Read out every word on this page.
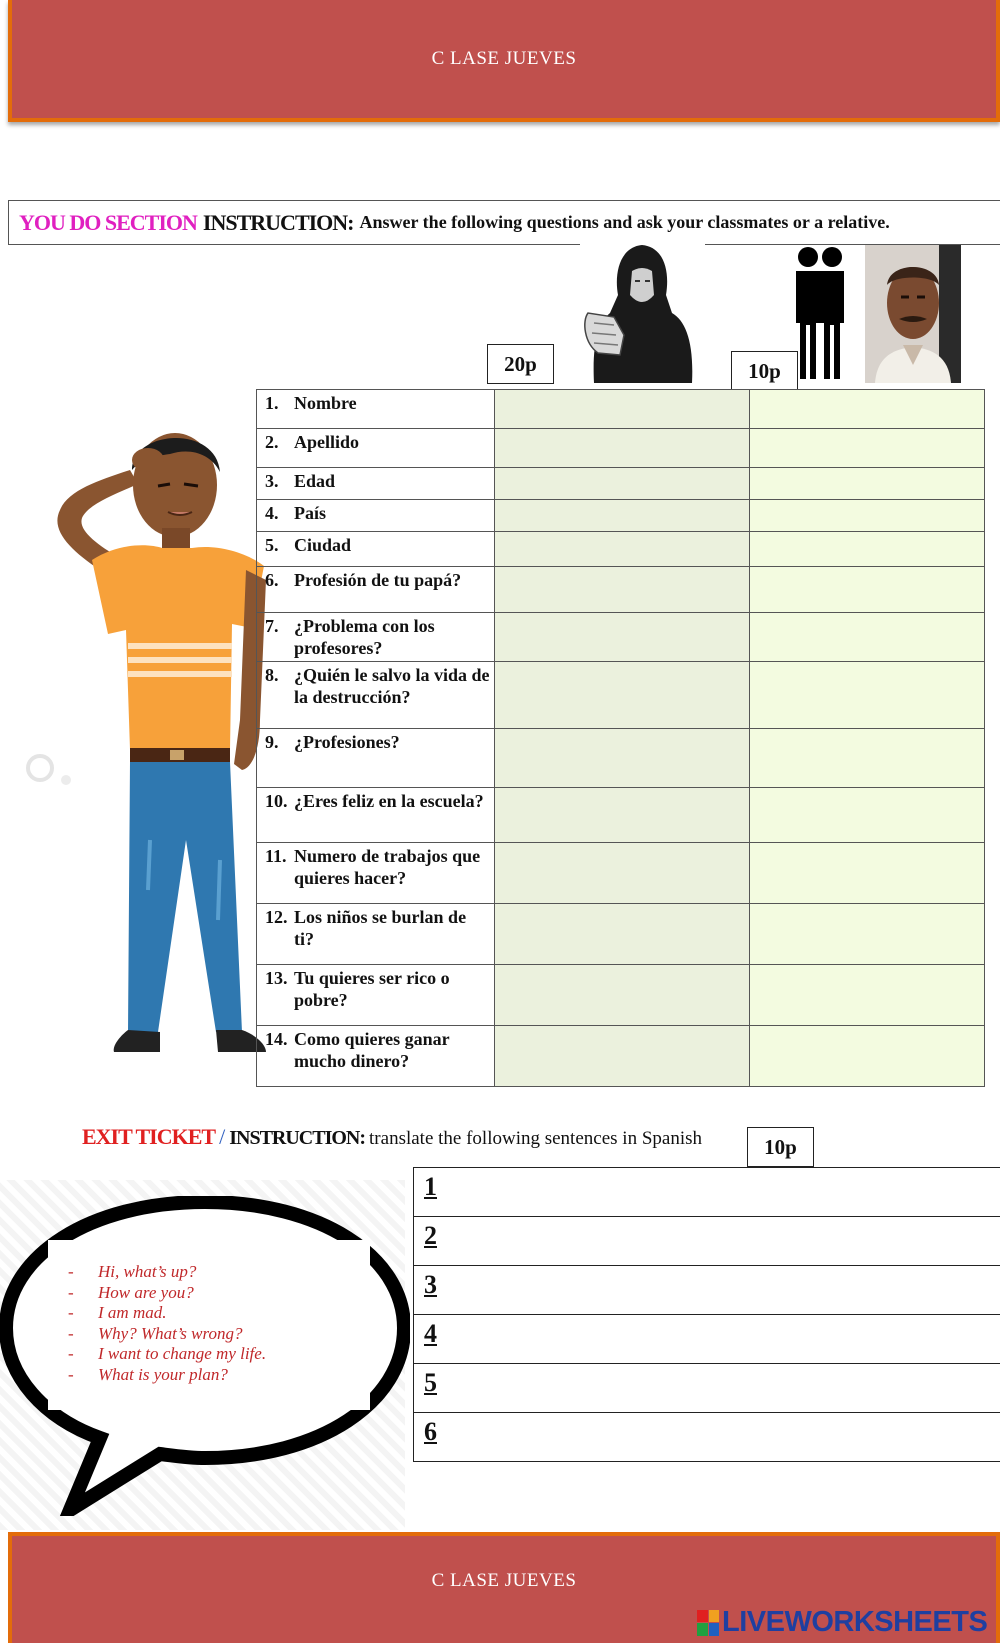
C LASE JUEVES
YOU DO SECTION INSTRUCTION: Answer the following questions and ask your classmates or a relative.
20p	10p
1. Nombre		

2. Apellido		

3. Edad		

4. País		

5. Ciudad		

6. Profesión de tu papá?		

7. ¿Problema con los profesores?		

8. ¿Quién le salvo la vida de la destrucción?		

9. ¿Profesiones?		

10. ¿Eres feliz en la escuela?		

11. Numero de trabajos que quieres hacer?		

12. Los niños se burlan de ti?		

13. Tu quieres ser rico o pobre?		

14. Como quieres ganar mucho dinero?		

EXIT TICKET / INSTRUCTION: translate the following sentences in Spanish	10p
-	Hi, what’s up?
-	How are you?
-	I am mad.
-	Why? What’s wrong?
-	I want to change my life.
-	What is your plan?
1
2
3
4
5
6
C LASE JUEVES
LIVEWORKSHEETS
